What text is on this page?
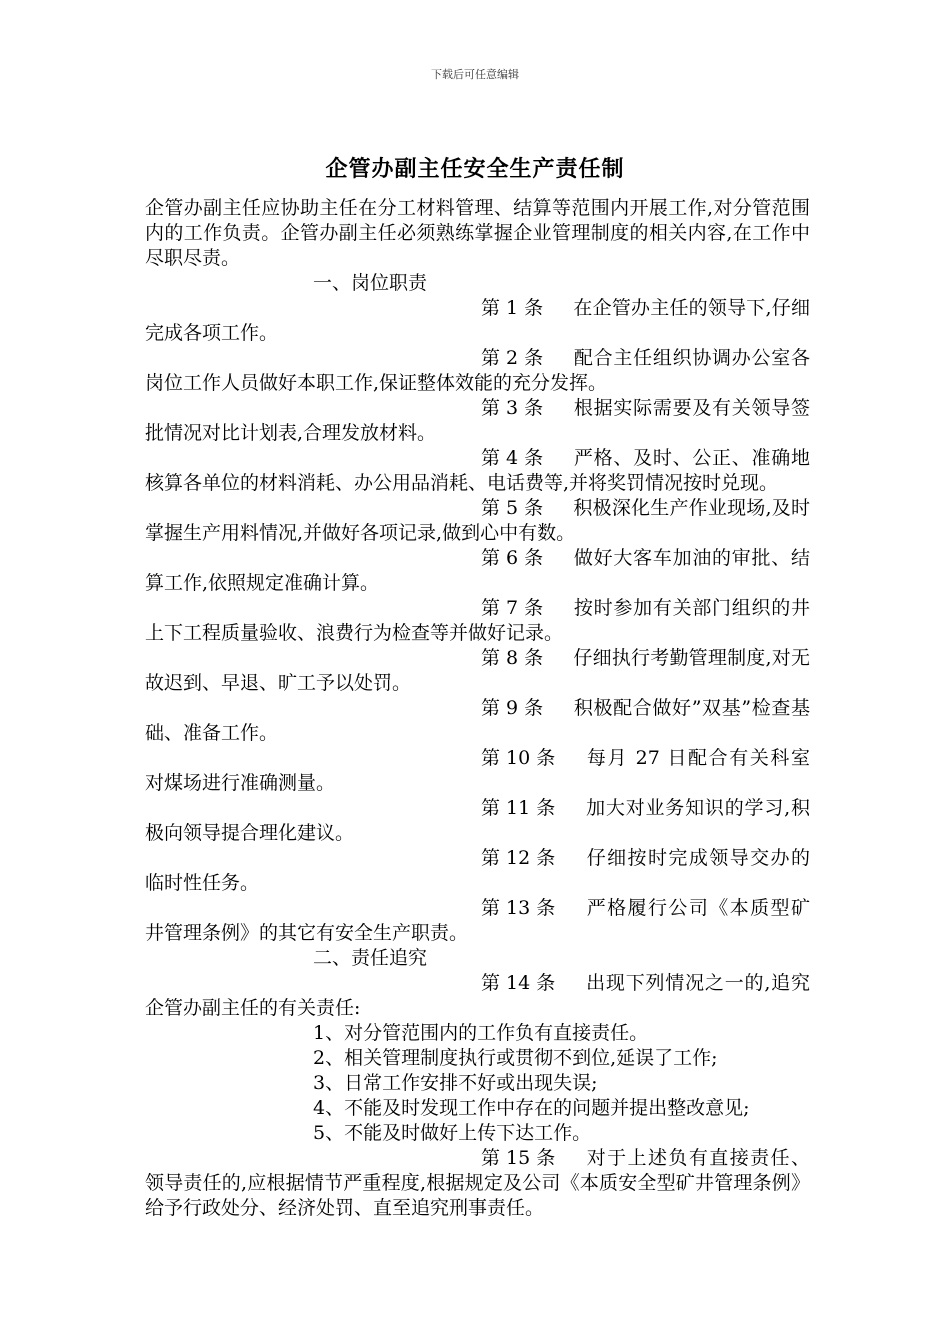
下载后可任意编辑
企管办副主任安全生产责任制

企管办副主任应协助主任在分工材料管理、结算等范围内开展工作,对分管范围内的工作负责。企管办副主任必须熟练掌握企业管理制度的相关内容,在工作中尽职尽责。

一、岗位职责

第 1 条 在企管办主任的领导下,仔细完成各项工作。

第 2 条 配合主任组织协调办公室各岗位工作人员做好本职工作,保证整体效能的充分发挥。

第 3 条 根据实际需要及有关领导签批情况对比计划表,合理发放材料。

第 4 条 严格、及时、公正、准确地核算各单位的材料消耗、办公用品消耗、电话费等,并将奖罚情况按时兑现。

第 5 条 积极深化生产作业现场,及时掌握生产用料情况,并做好各项记录,做到心中有数。

第 6 条 做好大客车加油的审批、结算工作,依照规定准确计算。

第 7 条 按时参加有关部门组织的井上下工程质量验收、浪费行为检查等并做好记录。

第 8 条 仔细执行考勤管理制度,对无故迟到、早退、旷工予以处罚。

第 9 条 积极配合做好”双基”检查基础、准备工作。

第 10 条 每月 27 日配合有关科室对煤场进行准确测量。

第 11 条 加大对业务知识的学习,积极向领导提合理化建议。

第 12 条 仔细按时完成领导交办的临时性任务。

第 13 条 严格履行公司《本质型矿井管理条例》的其它有安全生产职责。

二、责任追究

第 14 条 出现下列情况之一的,追究企管办副主任的有关责任:

1、对分管范围内的工作负有直接责任。

2、相关管理制度执行或贯彻不到位,延误了工作;

3、日常工作安排不好或出现失误;

4、不能及时发现工作中存在的问题并提出整改意见;

5、不能及时做好上传下达工作。

第 15 条 对于上述负有直接责任、领导责任的,应根据情节严重程度,根据规定及公司《本质安全型矿井管理条例》给予行政处分、经济处罚、直至追究刑事责任。
